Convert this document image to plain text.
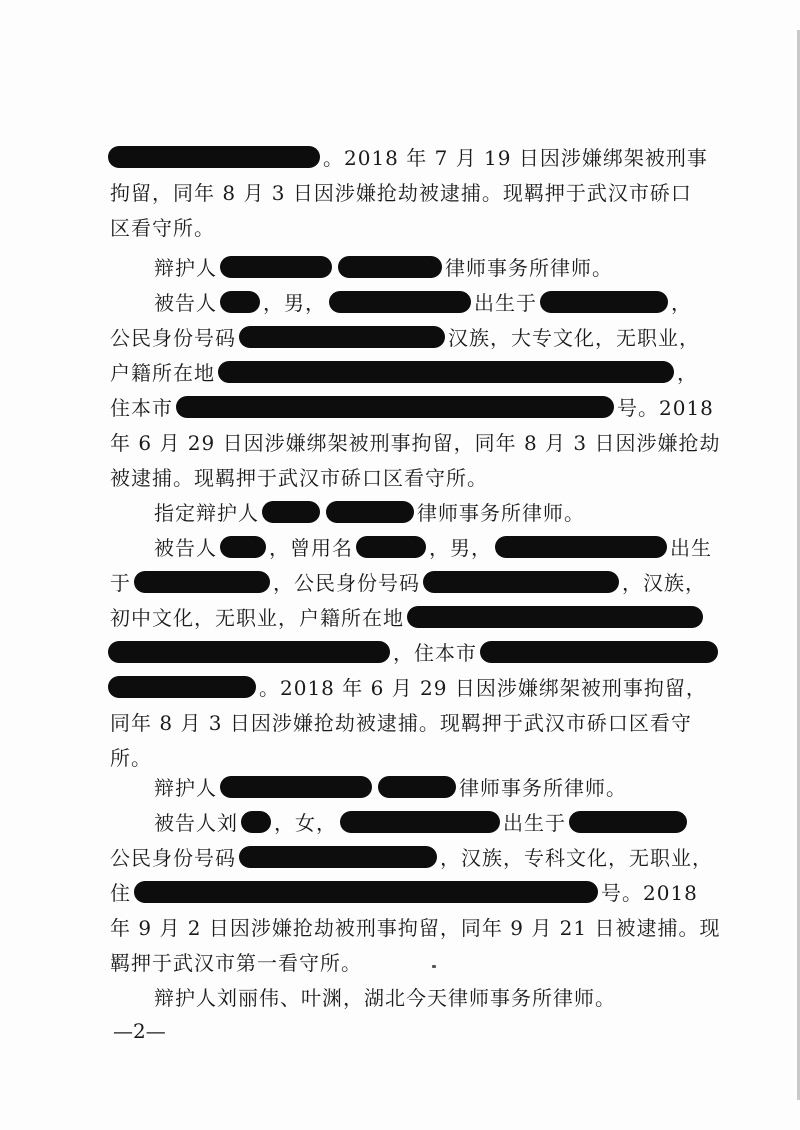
。2018 年 7 月 19 日因涉嫌绑架被刑事
拘留，同年 8 月 3 日因涉嫌抢劫被逮捕。现羁押于武汉市硚口
区看守所。
辩护人	律师事务所律师。
被告人 ，男，	出生于	，
公民身份号码	汉族，大专文化，无职业，
户籍所在地	，
住本市	号。2018
年 6 月 29 日因涉嫌绑架被刑事拘留，同年 8 月 3 日因涉嫌抢劫
被逮捕。现羁押于武汉市硚口区看守所。
指定辩护人	律师事务所律师。
被告人	，曾用名	，男，	出生
于	，公民身份号码	，汉族，
初中文化，无职业，户籍所在地
，住本市
。2018 年 6 月 29 日因涉嫌绑架被刑事拘留，
同年 8 月 3 日因涉嫌抢劫被逮捕。现羁押于武汉市硚口区看守
所。
辩护人	律师事务所律师。
被告人刘 ，女，	出生于
公民身份号码	，汉族，专科文化，无职业，
住	号。2018
年 9 月 2 日因涉嫌抢劫被刑事拘留，同年 9 月 21 日被逮捕。现
羁押于武汉市第一看守所。
辩护人刘丽伟、叶渊，湖北今天律师事务所律师。
—2—
